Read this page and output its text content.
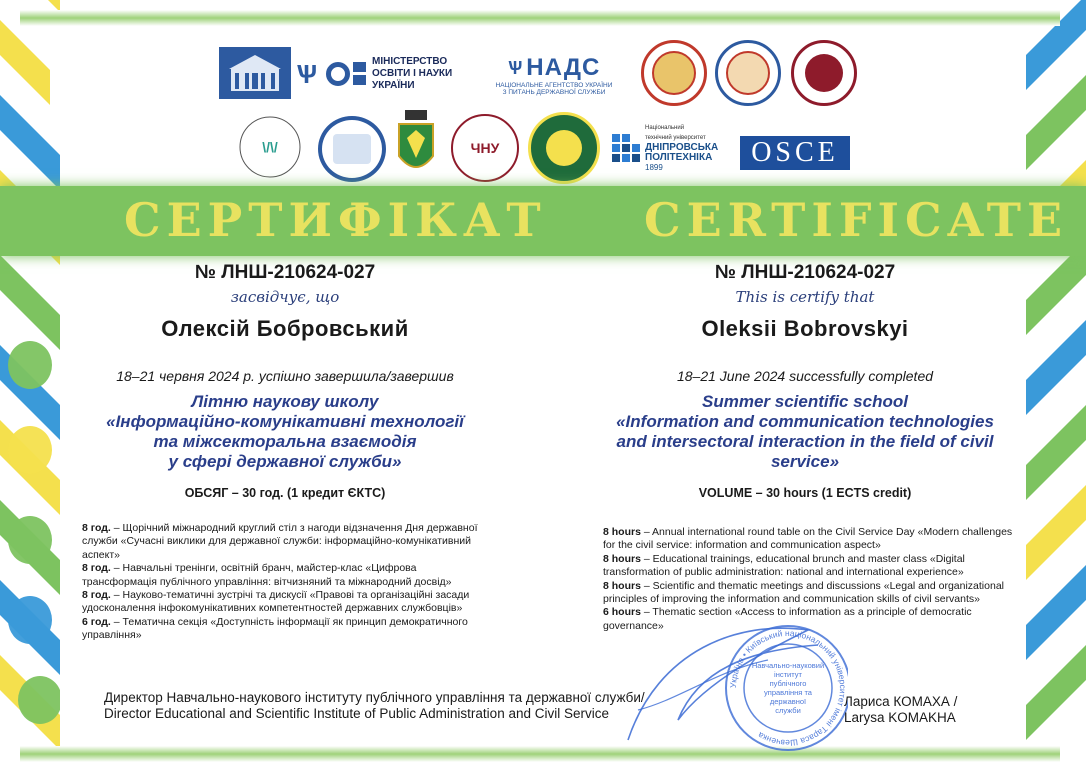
Ѱ	МІНІСТЕРСТВО
ОСВІТИ І НАУКИ
УКРАЇНИ
Ѱ НАДС
НАЦІОНАЛЬНЕ АГЕНТСТВО УКРАЇНИ
З ПИТАНЬ ДЕРЖАВНОЇ СЛУЖБИ
\/\/	ЧНУ
Національний
технічний університет
ДНІПРОВСЬКА
ПОЛІТЕХНІКА
1899	OSCE
СЕРТИФІКАТ CERTIFICATE
№ ЛНШ-210624-027
засвідчує, що
Олексій Бобровський
18–21 червня 2024 р. успішно завершила/завершив
Літню наукову школу
«Інформаційно-комунікативні технології
та міжсекторальна взаємодія
у сфері державної служби»
ОБСЯГ – 30 год. (1 кредит ЄКТС)
8 год. – Щорічний міжнародний круглий стіл з нагоди відзначення Дня державної служби «Сучасні виклики для державної служби: інформаційно-комунікативний аспект»
8 год. – Навчальні тренінги, освітній бранч, майстер-клас «Цифрова трансформація публічного управління: вітчизняний та міжнародний досвід»
8 год. – Науково-тематичні зустрічі та дискусії «Правові та організаційні засади удосконалення інфокомунікативних компетентностей державних службовців»
6 год. – Тематична секція «Доступність інформації як принцип демократичного управління»
№ ЛНШ-210624-027
This is certify that
Oleksii Bobrovskyi
18–21 June 2024 successfully completed
Summer scientific school
«Information and communication technologies
and intersectoral interaction in the field of civil
service»
VOLUME – 30 hours (1 ECTS credit)
8 hours – Annual international round table on the Civil Service Day «Modern challenges for the civil service: information and communication aspect»
8 hours – Educational trainings, educational brunch and master class «Digital transformation of public administration: national and international experience»
8 hours – Scientific and thematic meetings and discussions «Legal and organizational principles of improving the information and communication skills of civil servants»
6 hours – Thematic section «Access to information as a principle of democratic governance»
Україна • Київський національний університет імені Тараса Шевченка
Навчально-науковий
інститут
публічного
управління та
державної
служби
Директор Навчально-наукового інституту публічного управління та державної служби/
Director Educational and Scientific Institute of Public Administration and Civil Service
Лариса КОМАХА /
Larysa KOMAKHA
